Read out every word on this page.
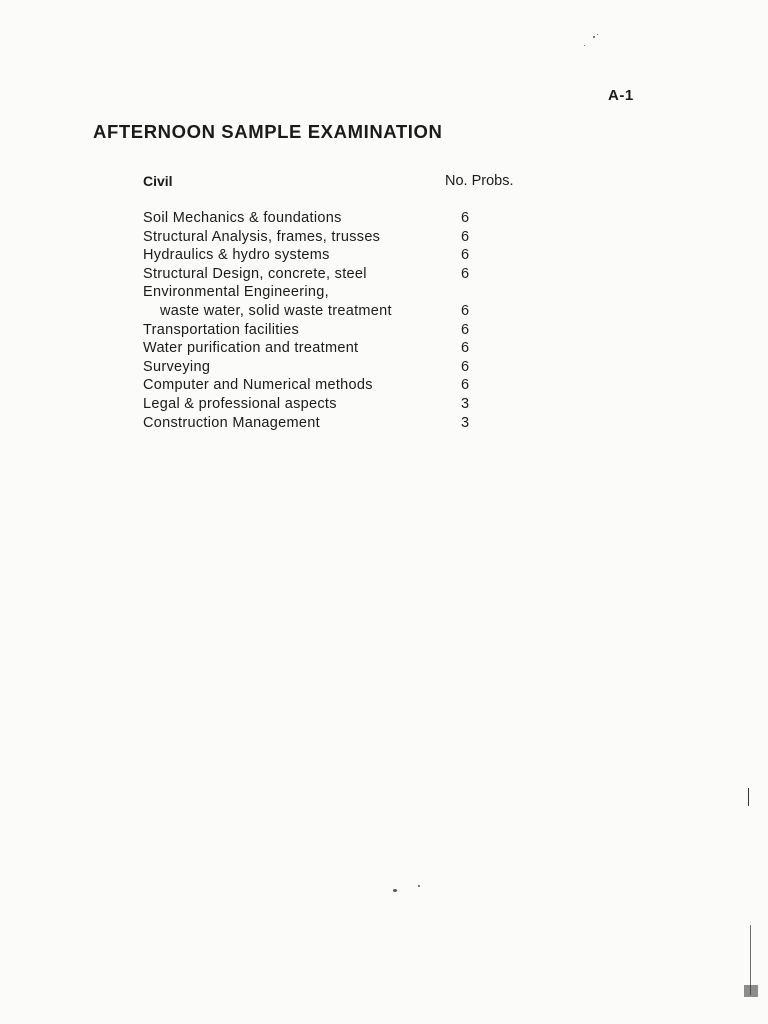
A-1
AFTERNOON SAMPLE EXAMINATION
Civil	No. Probs.
Soil Mechanics & foundations	6
Structural Analysis, frames, trusses	6
Hydraulics & hydro systems	6
Structural Design, concrete, steel	6
Environmental Engineering,
waste water, solid waste treatment	6
Transportation facilities	6
Water purification and treatment	6
Surveying	6
Computer and Numerical methods	6
Legal & professional aspects	3
Construction Management	3
